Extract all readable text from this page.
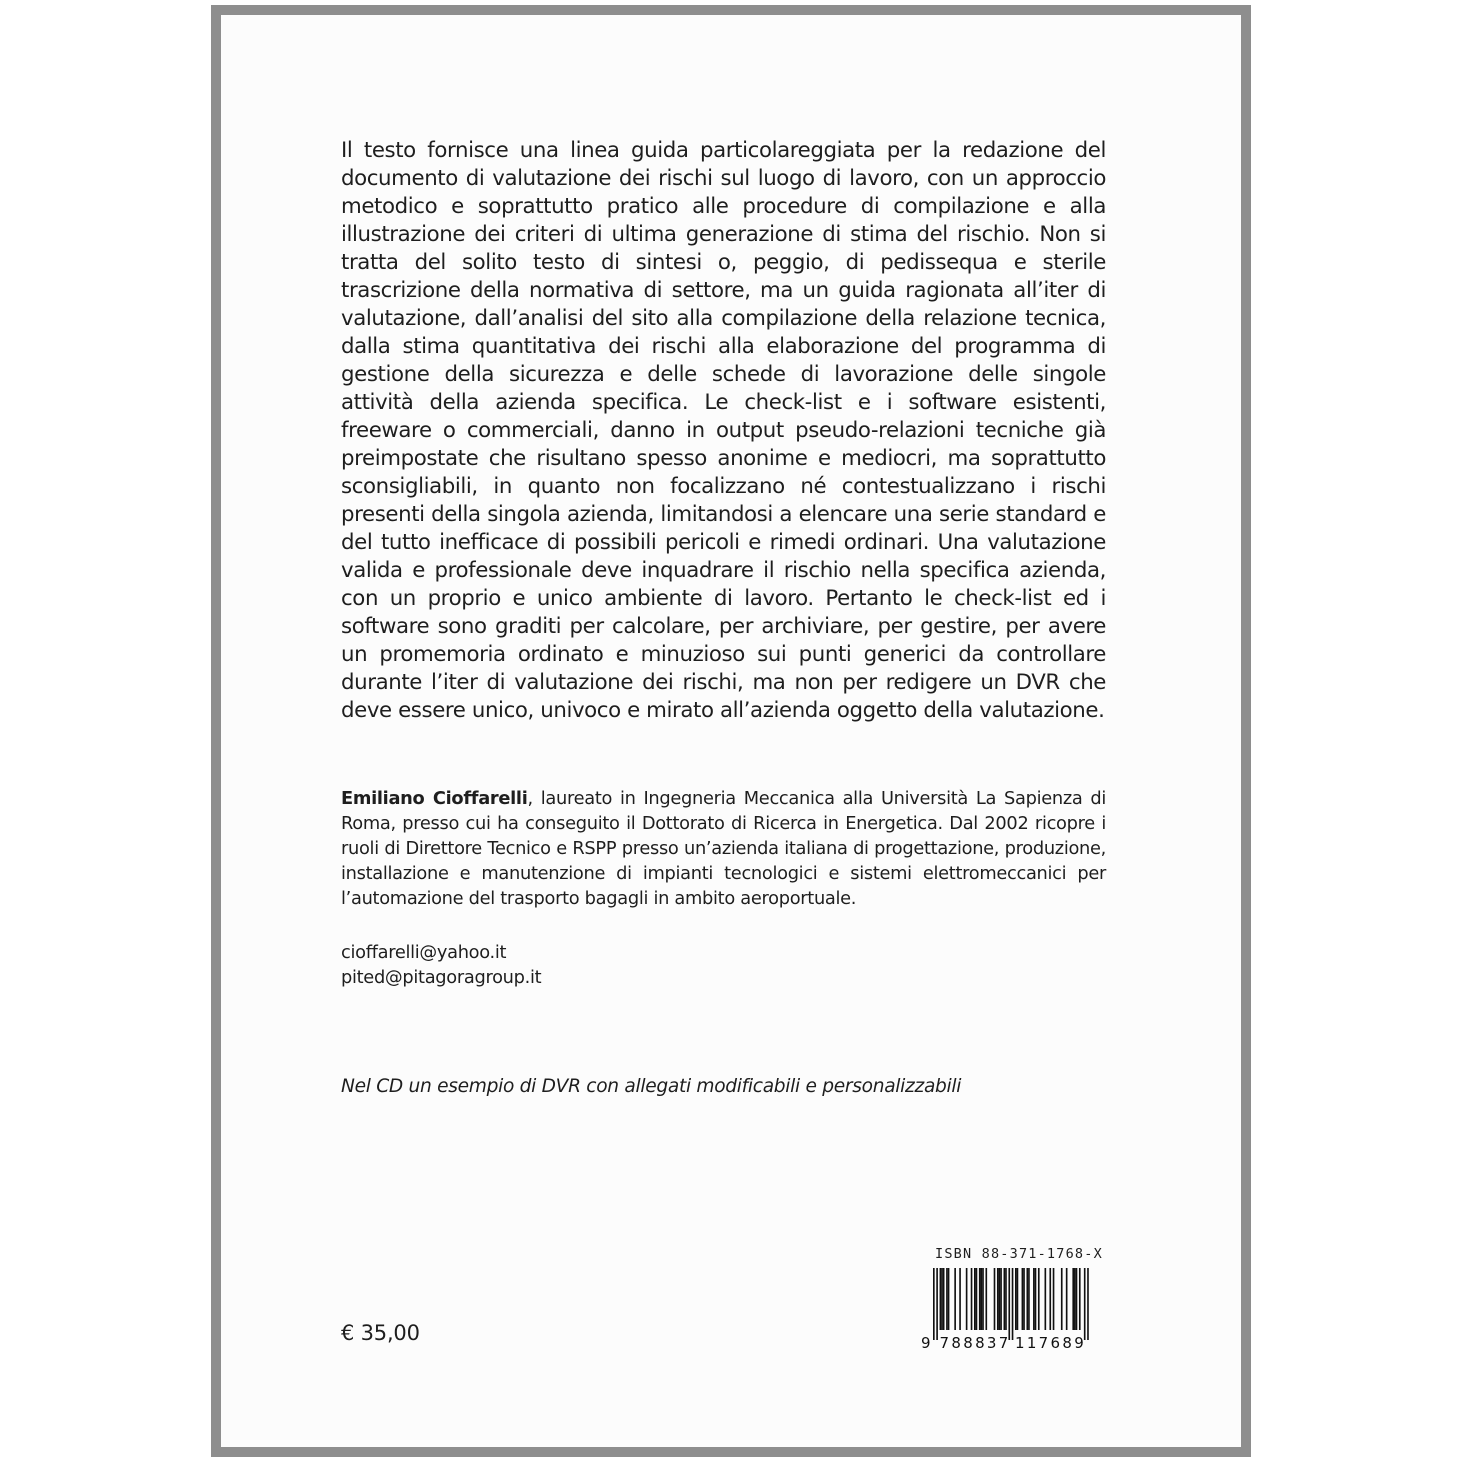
Il testo fornisce una linea guida particolareggiata per la redazione del documento di valutazione dei rischi sul luogo di lavoro, con un approccio metodico e soprattutto pratico alle procedure di compilazione e alla illustrazione dei criteri di ultima generazione di stima del rischio. Non si tratta del solito testo di sintesi o, peggio, di pedissequa e sterile trascrizione della normativa di settore, ma un guida ragionata all’iter di valutazione, dall’analisi del sito alla compilazione della relazione tecnica, dalla stima quantitativa dei rischi alla elaborazione del programma di gestione della sicurezza e delle schede di lavorazione delle singole attività della azienda specifica. Le check-list e i software esistenti, freeware o commerciali, danno in output pseudo-relazioni tecniche già preimpostate che risultano spesso anonime e mediocri, ma soprattutto sconsigliabili, in quanto non focalizzano né contestualizzano i rischi presenti della singola azienda, limitandosi a elencare una serie standard e del tutto inefficace di possibili pericoli e rimedi ordinari. Una valutazione valida e professionale deve inquadrare il rischio nella specifica azienda, con un proprio e unico ambiente di lavoro. Pertanto le check-list ed i software sono graditi per calcolare, per archiviare, per gestire, per avere un promemoria ordinato e minuzioso sui punti generici da controllare durante l’iter di valutazione dei rischi, ma non per redigere un DVR che deve essere unico, univoco e mirato all’azienda oggetto della valutazione.
Emiliano Cioffarelli, laureato in Ingegneria Meccanica alla Università La Sapienza di Roma, presso cui ha conseguito il Dottorato di Ricerca in Energetica. Dal 2002 ricopre i ruoli di Direttore Tecnico e RSPP presso un’azienda italiana di progettazione, produzione, installazione e manutenzione di impianti tecnologici e sistemi elettromeccanici per l’automazione del trasporto bagagli in ambito aeroportuale.
cioffarelli@yahoo.it
pited@pitagoragroup.it
Nel CD un esempio di DVR con allegati modificabili e personalizzabili
€ 35,00
ISBN 88-371-1768-X
9 788837 117689
